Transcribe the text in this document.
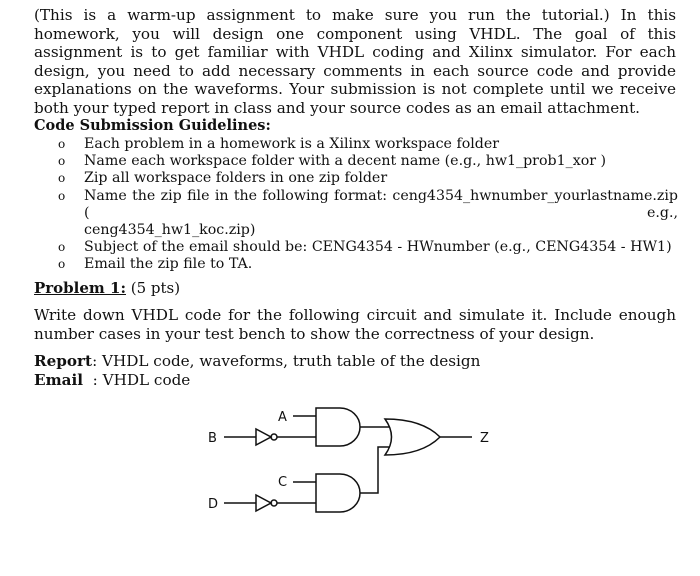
(This is a warm-up assignment to make sure you run the tutorial.) In this homework, you will design one component using VHDL. The goal of this assignment is to get familiar with VHDL coding and Xilinx simulator. For each design, you need to add necessary comments in each source code and provide explanations on the waveforms. Your submission is not complete until we receive both your typed report in class and your source codes as an email attachment.

Code Submission Guidelines:
o Each problem in a homework is a Xilinx workspace folder
o Name each workspace folder with a decent name (e.g., hw1_prob1_xor )
o Zip all workspace folders in one zip folder
o Name the zip file in the following format: ceng4354_hwnumber_yourlastname.zip ( e.g.,
ceng4354_hw1_koc.zip)
o Subject of the email should be: CENG4354 - HWnumber (e.g., CENG4354 - HW1)
o Email the zip file to TA.
Problem 1: (5 pts)

Write down VHDL code for the following circuit and simulate it. Include enough number cases in your test bench to show the correctness of your design.

Report: VHDL code, waveforms, truth table of the design
Email  : VHDL code
B
A
D
C
Z
